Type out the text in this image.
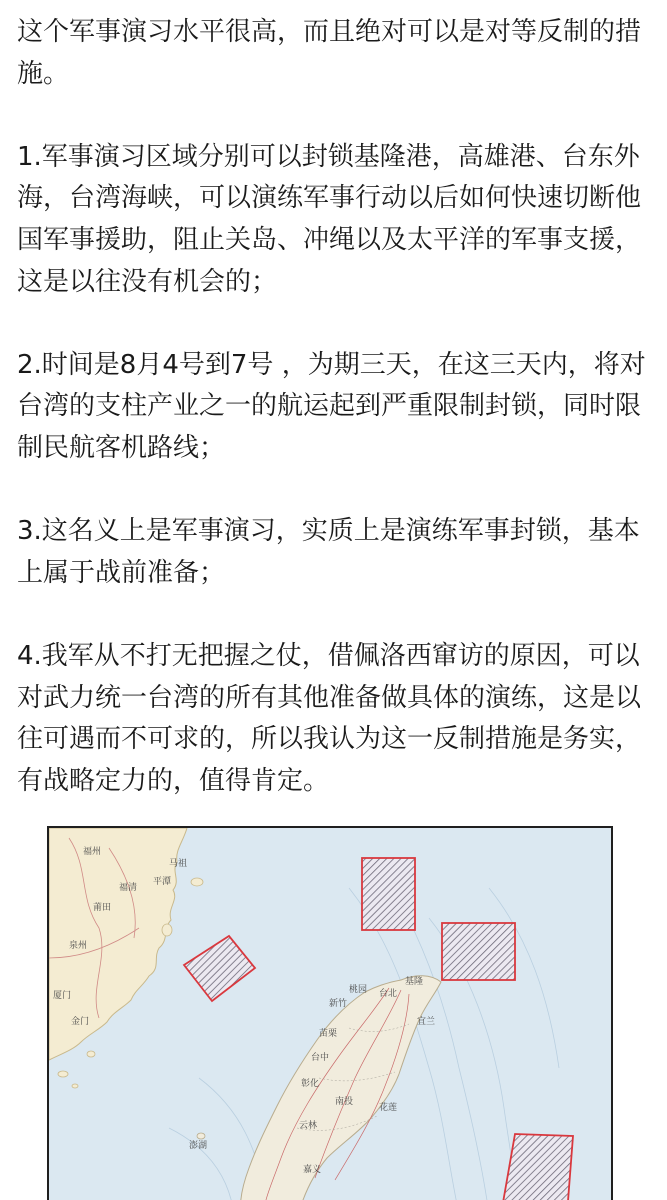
这个军事演习水平很高，而且绝对可以是对等反制的措施。

1.军事演习区域分别可以封锁基隆港，高雄港、台东外海，台湾海峡，可以演练军事行动以后如何快速切断他国军事援助，阻止关岛、冲绳以及太平洋的军事支援，这是以往没有机会的；

2.时间是8月4号到7号 ，为期三天，在这三天内，将对台湾的支柱产业之一的航运起到严重限制封锁，同时限制民航客机路线；

3.这名义上是军事演习，实质上是演练军事封锁，基本上属于战前准备；

4.我军从不打无把握之仗，借佩洛西窜访的原因，可以对武力统一台湾的所有其他准备做具体的演练，这是以往可遇而不可求的，所以我认为这一反制措施是务实，有战略定力的，值得肯定。

福州
福清
平潭
莆田
泉州
厦门
金门
马祖
澎湖
新竹
桃园 台北
基隆
苗栗
台中
彰化
南投
云林
嘉义
宜兰
花莲
